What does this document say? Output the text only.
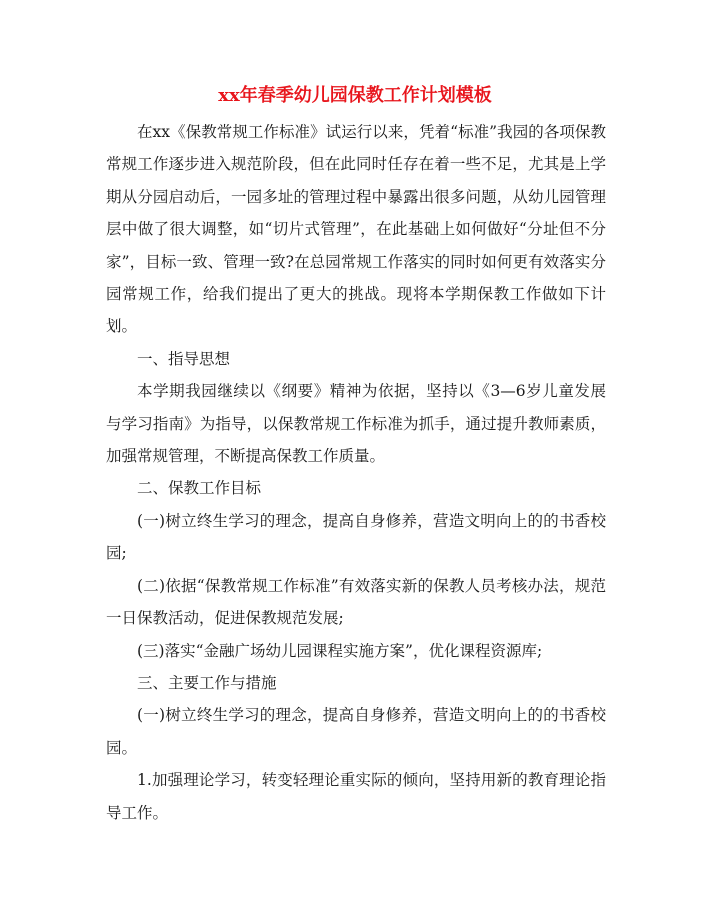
xx年春季幼儿园保教工作计划模板

在xx《保教常规工作标准》试运行以来，凭着“标准”我园的各项保教常规工作逐步进入规范阶段，但在此同时任存在着一些不足，尤其是上学期从分园启动后，一园多址的管理过程中暴露出很多问题，从幼儿园管理层中做了很大调整，如“切片式管理”，在此基础上如何做好“分址但不分家”，目标一致、管理一致?在总园常规工作落实的同时如何更有效落实分园常规工作，给我们提出了更大的挑战。现将本学期保教工作做如下计划。

一、指导思想

本学期我园继续以《纲要》精神为依据，坚持以《3—6岁儿童发展与学习指南》为指导，以保教常规工作标准为抓手，通过提升教师素质，加强常规管理，不断提高保教工作质量。

二、保教工作目标

(一)树立终生学习的理念，提高自身修养，营造文明向上的的书香校园;

(二)依据“保教常规工作标准”有效落实新的保教人员考核办法，规范一日保教活动，促进保教规范发展;

(三)落实“金融广场幼儿园课程实施方案”，优化课程资源库;

三、主要工作与措施

(一)树立终生学习的理念，提高自身修养，营造文明向上的的书香校园。

1.加强理论学习，转变轻理论重实际的倾向，坚持用新的教育理论指导工作。
